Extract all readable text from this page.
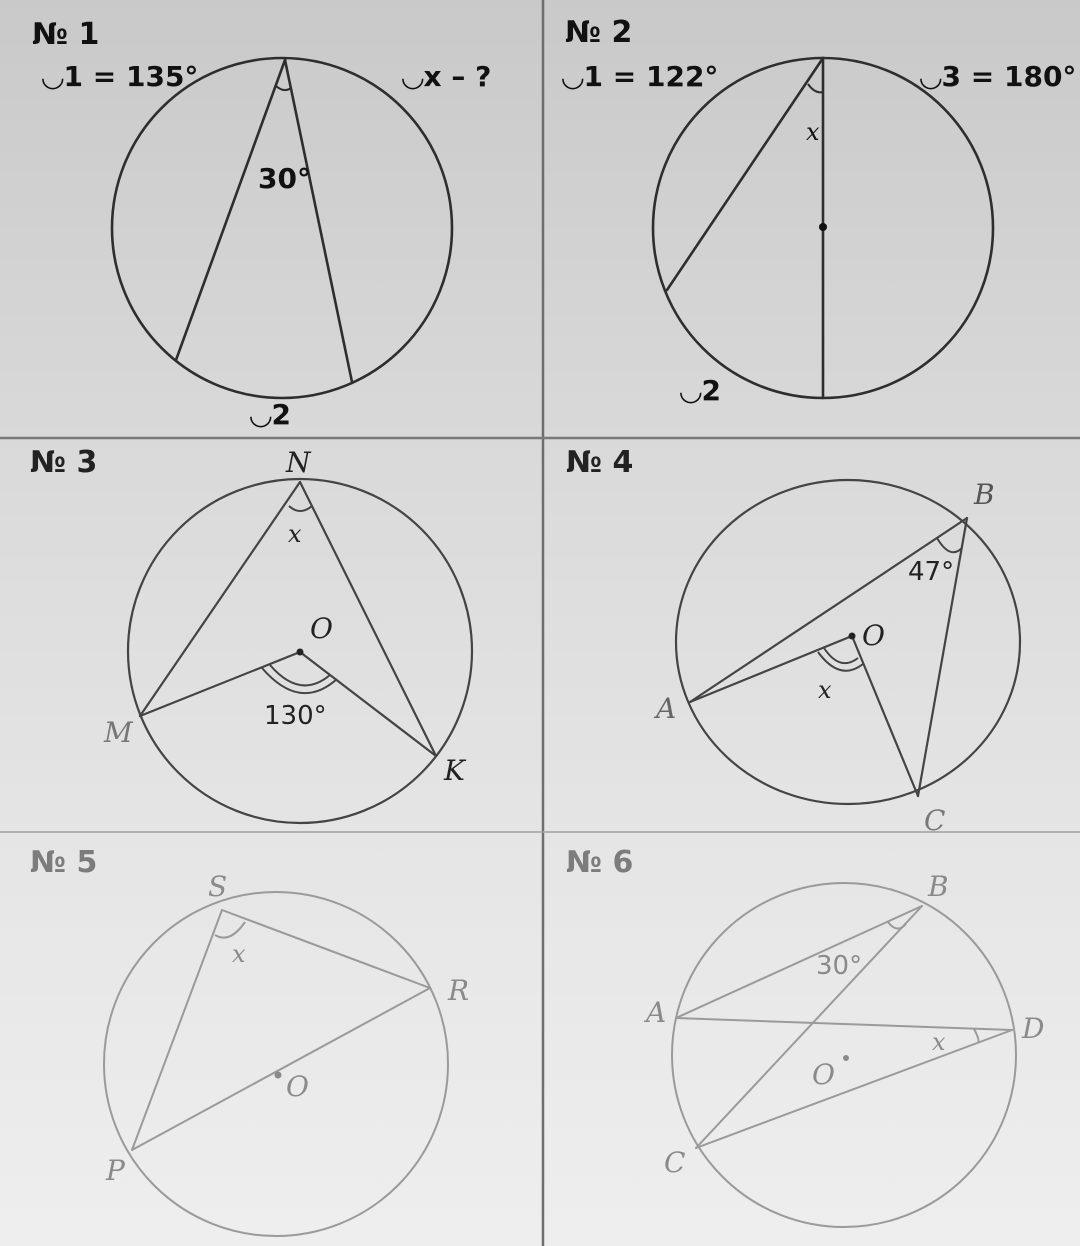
№ 1
◡1 = 135°	◡x – ?
30°
◡2
№ 2
◡1 = 122°	◡3 = 180°
x
◡2
№ 3	N
M
K
O
x
130°
№ 4
A
B
C
O
x
47°
№ 5
S
R
P
O
x
№ 6
A
B
C
D
O
x
30°
